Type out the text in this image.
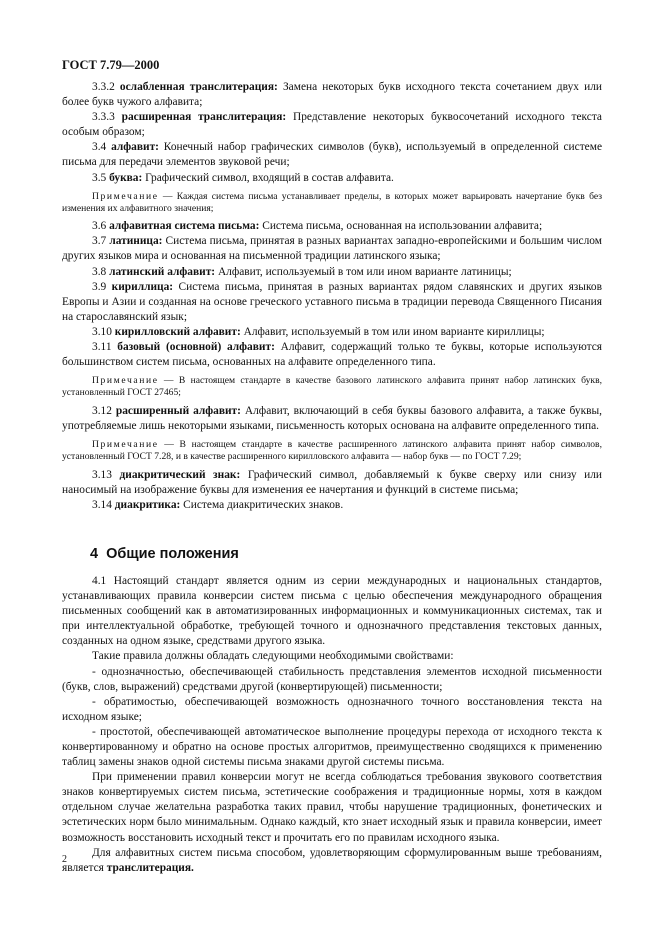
ГОСТ 7.79—2000

3.3.2 ослабленная транслитерация: Замена некоторых букв исходного текста сочетанием двух или более букв чужого алфавита;

3.3.3 расширенная транслитерация: Представление некоторых буквосочетаний исходного текста особым образом;

3.4 алфавит: Конечный набор графических символов (букв), используемый в определенной системе письма для передачи элементов звуковой речи;

3.5 буква: Графический символ, входящий в состав алфавита.

Примечание — Каждая система письма устанавливает пределы, в которых может варьировать начертание букв без изменения их алфавитного значения;

3.6 алфавитная система письма: Система письма, основанная на использовании алфавита;

3.7 латиница: Система письма, принятая в разных вариантах западно-европейскими и большим числом других языков мира и основанная на письменной традиции латинского языка;

3.8 латинский алфавит: Алфавит, используемый в том или ином варианте латиницы;

3.9 кириллица: Система письма, принятая в разных вариантах рядом славянских и других языков Европы и Азии и созданная на основе греческого уставного письма в традиции перевода Священного Писания на старославянский язык;

3.10 кирилловский алфавит: Алфавит, используемый в том или ином варианте кириллицы;

3.11 базовый (основной) алфавит: Алфавит, содержащий только те буквы, которые используются большинством систем письма, основанных на алфавите определенного типа.

Примечание — В настоящем стандарте в качестве базового латинского алфавита принят набор латинских букв, установленный ГОСТ 27465;

3.12 расширенный алфавит: Алфавит, включающий в себя буквы базового алфавита, а также буквы, употребляемые лишь некоторыми языками, письменность которых основана на алфавите определенного типа.

Примечание — В настоящем стандарте в качестве расширенного латинского алфавита принят набор символов, установленный ГОСТ 7.28, и в качестве расширенного кирилловского алфавита — набор букв — по ГОСТ 7.29;

3.13 диакритический знак: Графический символ, добавляемый к букве сверху или снизу или наносимый на изображение буквы для изменения ее начертания и функций в системе письма;

3.14 диакритика: Система диакритических знаков.

4 Общие положения

4.1 Настоящий стандарт является одним из серии международных и национальных стандартов, устанавливающих правила конверсии систем письма с целью обеспечения международного обращения письменных сообщений как в автоматизированных информационных и коммуникационных системах, так и при интеллектуальной обработке, требующей точного и однозначного представления текстовых данных, созданных на одном языке, средствами другого языка.

Такие правила должны обладать следующими необходимыми свойствами:

- однозначностью, обеспечивающей стабильность представления элементов исходной письменности (букв, слов, выражений) средствами другой (конвертирующей) письменности;

- обратимостью, обеспечивающей возможность однозначного точного восстановления текста на исходном языке;

- простотой, обеспечивающей автоматическое выполнение процедуры перехода от исходного текста к конвертированному и обратно на основе простых алгоритмов, преимущественно сводящихся к применению таблиц замены знаков одной системы письма знаками другой системы письма.

При применении правил конверсии могут не всегда соблюдаться требования звукового соответствия знаков конвертируемых систем письма, эстетические соображения и традиционные нормы, хотя в каждом отдельном случае желательна разработка таких правил, чтобы нарушение традиционных, фонетических и эстетических норм было минимальным. Однако каждый, кто знает исходный язык и правила конверсии, имеет возможность восстановить исходный текст и прочитать его по правилам исходного языка.

Для алфавитных систем письма способом, удовлетворяющим сформулированным выше требованиям, является транслитерация.

2
